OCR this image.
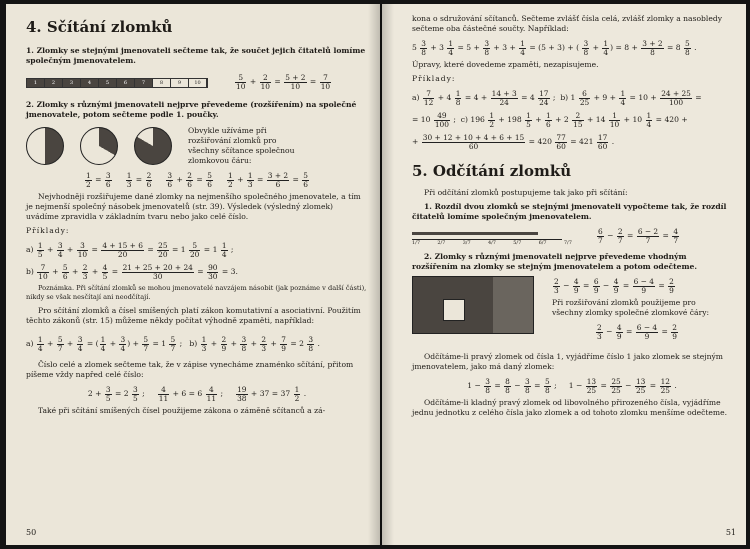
4. Sčítání zlomků

1. Zlomky se stejnými jmenovateli sečteme tak, že součet jejich čitatelů lomíme společným jmenovatelem.

1	2	3	4	5	6	7	8	9	10	$\frac{5}{10} + \frac{2}{10} = \frac{5 + 2}{10} = \frac{7}{10}$

2. Zlomky s různými jmenovateli nejprve převedeme (rozšířením) na společné jmenovatele, potom sečteme podle 1. poučky.

Obvykle užíváme při rozšiřování zlomků pro všechny sčítance společnou zlomkovou čáru:

$\frac{1}{2} = \frac{3}{6}$
$\frac{1}{3} = \frac{2}{6}$
$\frac{3}{6} + \frac{2}{6} = \frac{5}{6}$
$\frac{1}{2} + \frac{1}{3} = \frac{3 + 2}{6} = \frac{5}{6}$

Nejvhodněji rozšiřujeme dané zlomky na nejmenšího společného jmenovatele, a tím je nejmenší společný násobek jmenovatelů (str. 39). Výsledek (výsledný zlomek) uvádíme zpravidla v základním tvaru nebo jako celé číslo.

Příklady:

$a) \frac{1}{5} + \frac{3}{4} + \frac{3}{10} = \frac{4 + 15 + 6}{20} = \frac{25}{20} = 1 \frac{5}{20} = 1 \frac{1}{4}$ ;
$b) \frac{7}{10} + \frac{5}{6} + \frac{2}{3} + \frac{4}{5} = \frac{21 + 25 + 20 + 24}{30} = \frac{90}{30} = 3$.

Poznámka. Při sčítání zlomků se mohou jmenovatelé navzájem násobit (jak poznáme v další části), nikdy se však nesčítají ani neodčítají.

Pro sčítání zlomků a čísel smíšených platí zákon komutativní a asociativní. Použitím těchto zákonů (str. 15) můžeme někdy počítat výhodně zpaměti, například:

$a) \frac{1}{4} + \frac{5}{7} + \frac{3}{4}$ = ( $\frac{1}{4} + \frac{3}{4}$ ) + $\frac{5}{7} = 1 \frac{5}{7}$ ;   $b) \frac{1}{3} + \frac{2}{9} + \frac{3}{8} + \frac{2}{3} + \frac{7}{9} = 2 \frac{3}{8}$ .

Číslo celé a zlomek sečteme tak, že v zápise vynecháme znaménko sčítání, přitom píšeme vždy napřed celé číslo:

$2 + \frac{3}{5} = 2 \frac{3}{5}$ ; $\frac{4}{11} + 6 = 6 \frac{4}{11}$ ; $\frac{19}{38} + 37 = 37 \frac{1}{2}$ .

Také při sčítání smíšených čísel použijeme zákona o záměně sčítanců a zá-

50

kona o sdružování sčítanců. Sečteme zvlášť čísla celá, zvlášť zlomky a nasobledy sečteme oba částečné součty. Například:

$5 \frac{3}{8} + 3 \frac{1}{4} = 5 + \frac{3}{8} + 3 + \frac{1}{4} = (5 + 3)$ + ( $\frac{3}{8} + \frac{1}{4}$ ) = $8 + \frac{3 + 2}{8} = 8 \frac{5}{8}$ .

Úpravy, které dovedeme zpaměti, nezapisujeme.

Příklady:

$a) \frac{7}{12} + 4 \frac{1}{8} = 4 + \frac{14 + 3}{24} = 4 \frac{17}{24}$ ;  b) $1 \frac{6}{25} + 9 + \frac{1}{4} = 10 + \frac{24 + 25}{100}$ =
= $10 \frac{49}{100}$ ;  c) $196 \frac{1}{2} + 198 \frac{1}{5} + \frac{1}{6} + 2 \frac{2}{15} + 14 \frac{1}{10} + 10 \frac{1}{4} = 420$ +
+ $\frac{30 + 12 + 10 + 4 + 6 + 15}{60} = 420 \frac{77}{60} = 421 \frac{17}{60}$ .
5. Odčítání zlomků

Při odčítání zlomků postupujeme tak jako při sčítání:

1. Rozdíl dvou zlomků se stejnými jmenovateli vypočteme tak, že rozdíl čitatelů lomíme společným jmenovatelem.

1/7	2/7	3/7	4/7	5/7	6/7	7/7	$\frac{6}{7} - \frac{2}{7} = \frac{6 - 2}{7} = \frac{4}{7}$

2. Zlomky s různými jmenovateli nejprve převedeme vhodným rozšířením na zlomky se stejným jmenovatelem a potom odečteme.

$\frac{2}{3} - \frac{4}{9} = \frac{6}{9} - \frac{4}{9} = \frac{6 - 4}{9} = \frac{2}{9}$

Při rozšiřování zlomků použijeme pro všechny zlomky společné zlomkové čáry:

$\frac{2}{3} - \frac{4}{9} = \frac{6 - 4}{9} = \frac{2}{9}$

Odčítáme-li pravý zlomek od čísla 1, vyjádříme číslo 1 jako zlomek se stejným jmenovatelem, jako má daný zlomek:

$1 - \frac{3}{8} = \frac{8}{8} - \frac{3}{8} = \frac{5}{8}$ ;     $1 - \frac{13}{25} = \frac{25}{25} - \frac{13}{25} = \frac{12}{25}$ .

Odčítáme-li kladný pravý zlomek od libovolného přirozeného čísla, vyjádříme jednu jednotku z celého čísla jako zlomek a od tohoto zlomku menšíme odečteme.

51
